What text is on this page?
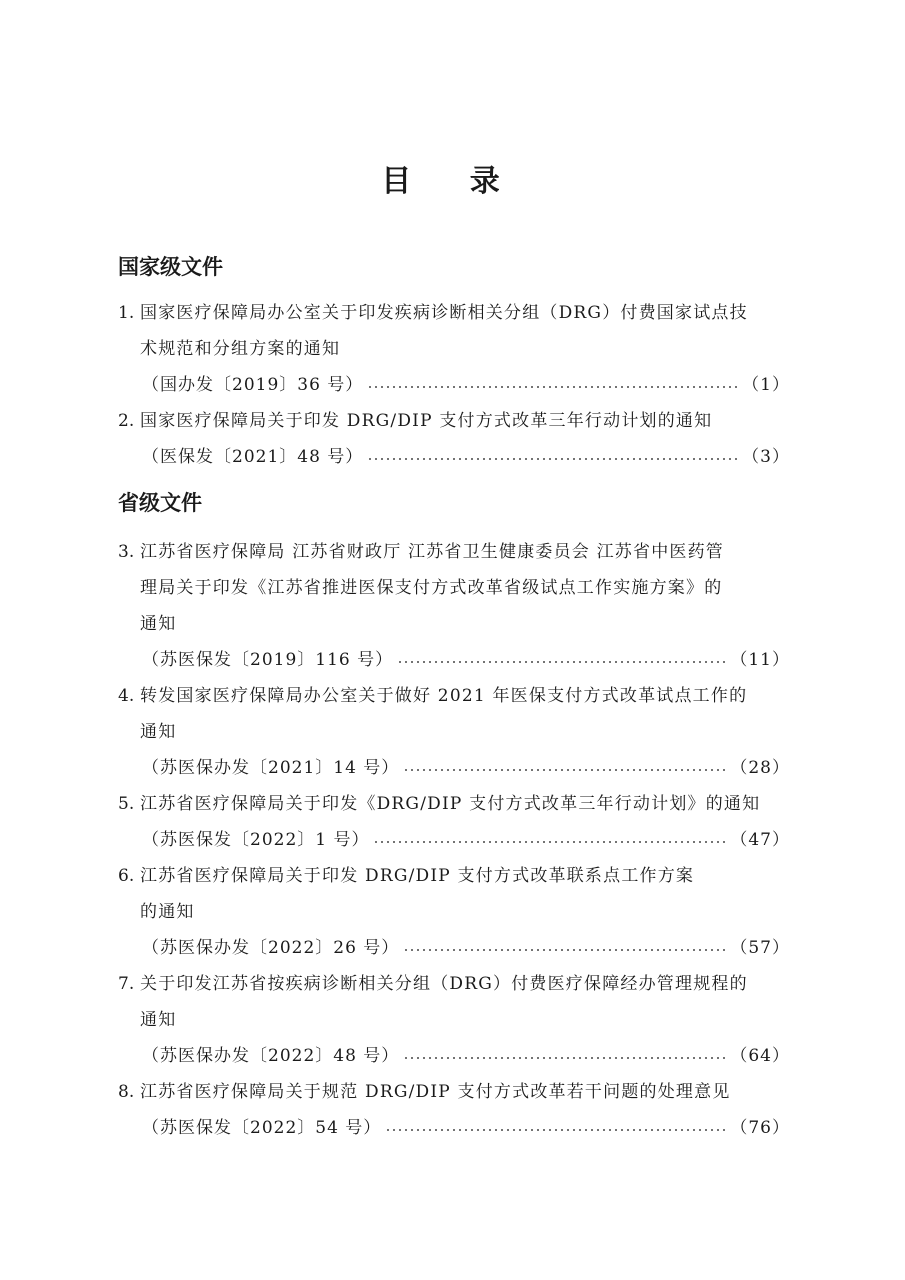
目 录
国家级文件
1. 国家医疗保障局办公室关于印发疾病诊断相关分组（DRG）付费国家试点技
术规范和分组方案的通知
（国办发〔2019〕36 号）	（1）
2. 国家医疗保障局关于印发 DRG/DIP 支付方式改革三年行动计划的通知
（医保发〔2021〕48 号）	（3）
省级文件
3. 江苏省医疗保障局 江苏省财政厅 江苏省卫生健康委员会 江苏省中医药管
理局关于印发《江苏省推进医保支付方式改革省级试点工作实施方案》的
通知
（苏医保发〔2019〕116 号）	（11）
4. 转发国家医疗保障局办公室关于做好 2021 年医保支付方式改革试点工作的
通知
（苏医保办发〔2021〕14 号）	（28）
5. 江苏省医疗保障局关于印发《DRG/DIP 支付方式改革三年行动计划》的通知
（苏医保发〔2022〕1 号）	（47）
6. 江苏省医疗保障局关于印发 DRG/DIP 支付方式改革联系点工作方案
的通知
（苏医保办发〔2022〕26 号）	（57）
7. 关于印发江苏省按疾病诊断相关分组（DRG）付费医疗保障经办管理规程的
通知
（苏医保办发〔2022〕48 号）	（64）
8. 江苏省医疗保障局关于规范 DRG/DIP 支付方式改革若干问题的处理意见
（苏医保发〔2022〕54 号）	（76）
